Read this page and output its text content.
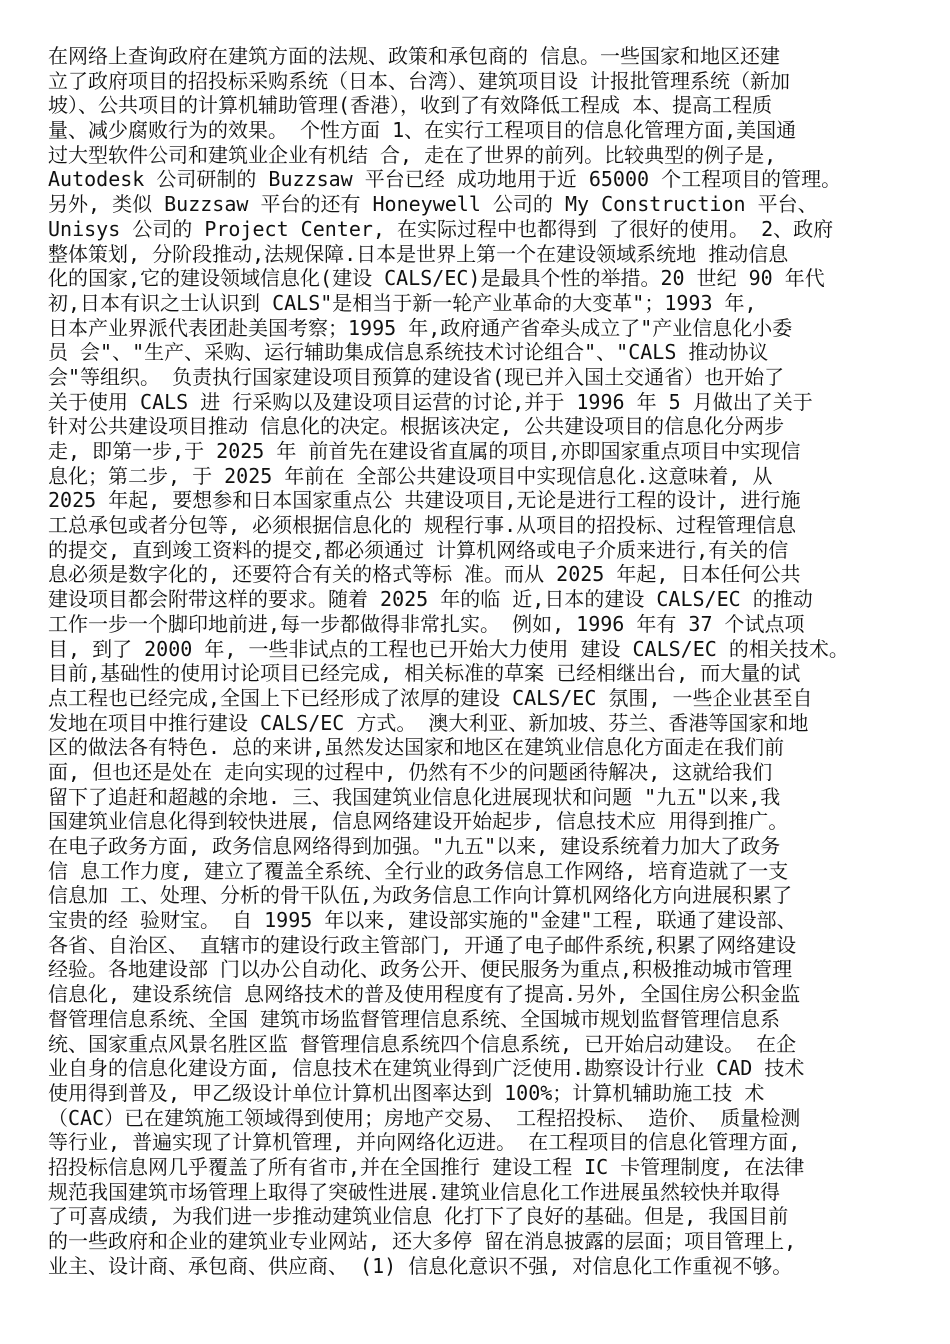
在网络上查询政府在建筑方面的法规、政策和承包商的 信息。一些国家和地区还建
立了政府项目的招投标采购系统（日本、台湾）、建筑项目设 计报批管理系统（新加
坡）、公共项目的计算机辅助管理(香港），收到了有效降低工程成 本、提高工程质
量、减少腐败行为的效果。 个性方面 1、在实行工程项目的信息化管理方面,美国通
过大型软件公司和建筑业企业有机结 合, 走在了世界的前列。比较典型的例子是,
Autodesk 公司研制的 Buzzsaw 平台已经 成功地用于近 65000 个工程项目的管理。
另外, 类似 Buzzsaw 平台的还有 Honeywell 公司的 My Construction 平台、
Unisys 公司的 Project Center, 在实际过程中也都得到 了很好的使用。 2、政府
整体策划, 分阶段推动,法规保障.日本是世界上第一个在建设领域系统地 推动信息
化的国家,它的建设领域信息化(建设 CALS/EC)是最具个性的举措。20 世纪 90 年代
初,日本有识之士认识到 CALS"是相当于新一轮产业革命的大变革"；1993 年,
日本产业界派代表团赴美国考察；1995 年,政府通产省牵头成立了"产业信息化小委
员 会"、"生产、采购、运行辅助集成信息系统技术讨论组合"、"CALS 推动协议
会"等组织。 负责执行国家建设项目预算的建设省(现已并入国土交通省）也开始了
关于使用 CALS 进 行采购以及建设项目运营的讨论,并于 1996 年 5 月做出了关于
针对公共建设项目推动 信息化的决定。根据该决定, 公共建设项目的信息化分两步
走, 即第一步,于 2025 年 前首先在建设省直属的项目,亦即国家重点项目中实现信
息化；第二步, 于 2025 年前在 全部公共建设项目中实现信息化.这意味着, 从
2025 年起, 要想参和日本国家重点公 共建设项目,无论是进行工程的设计, 进行施
工总承包或者分包等, 必须根据信息化的 规程行事.从项目的招投标、过程管理信息
的提交, 直到竣工资料的提交,都必须通过 计算机网络或电子介质来进行,有关的信
息必须是数字化的, 还要符合有关的格式等标 准。而从 2025 年起, 日本任何公共
建设项目都会附带这样的要求。随着 2025 年的临 近,日本的建设 CALS/EC 的推动
工作一步一个脚印地前进,每一步都做得非常扎实。 例如, 1996 年有 37 个试点项
目, 到了 2000 年, 一些非试点的工程也已开始大力使用 建设 CALS/EC 的相关技术。
目前,基础性的使用讨论项目已经完成, 相关标准的草案 已经相继出台, 而大量的试
点工程也已经完成,全国上下已经形成了浓厚的建设 CALS/EC 氛围, 一些企业甚至自
发地在项目中推行建设 CALS/EC 方式。 澳大利亚、新加坡、芬兰、香港等国家和地
区的做法各有特色. 总的来讲,虽然发达国家和地区在建筑业信息化方面走在我们前
面, 但也还是处在 走向实现的过程中, 仍然有不少的问题函待解决, 这就给我们
留下了追赶和超越的余地. 三、我国建筑业信息化进展现状和问题 "九五"以来,我
国建筑业信息化得到较快进展, 信息网络建设开始起步, 信息技术应 用得到推广。
在电子政务方面, 政务信息网络得到加强。"九五"以来, 建设系统着力加大了政务
信 息工作力度, 建立了覆盖全系统、全行业的政务信息工作网络, 培育造就了一支
信息加 工、处理、分析的骨干队伍,为政务信息工作向计算机网络化方向进展积累了
宝贵的经 验财宝。 自 1995 年以来, 建设部实施的"金建"工程, 联通了建设部、
各省、自治区、 直辖市的建设行政主管部门, 开通了电子邮件系统,积累了网络建设
经验。各地建设部 门以办公自动化、政务公开、便民服务为重点,积极推动城市管理
信息化, 建设系统信 息网络技术的普及使用程度有了提高.另外, 全国住房公积金监
督管理信息系统、全国 建筑市场监督管理信息系统、全国城市规划监督管理信息系
统、国家重点风景名胜区监 督管理信息系统四个信息系统, 已开始启动建设。 在企
业自身的信息化建设方面, 信息技术在建筑业得到广泛使用.勘察设计行业 CAD 技术
使用得到普及, 甲乙级设计单位计算机出图率达到 100%；计算机辅助施工技 术
（CAC）已在建筑施工领域得到使用；房地产交易、 工程招投标、 造价、 质量检测
等行业, 普遍实现了计算机管理, 并向网络化迈进。 在工程项目的信息化管理方面,
招投标信息网几乎覆盖了所有省市,并在全国推行 建设工程 IC 卡管理制度, 在法律
规范我国建筑市场管理上取得了突破性进展.建筑业信息化工作进展虽然较快并取得
了可喜成绩, 为我们进一步推动建筑业信息 化打下了良好的基础。但是, 我国目前
的一些政府和企业的建筑业专业网站, 还大多停 留在消息披露的层面；项目管理上,
业主、设计商、承包商、供应商、 (1) 信息化意识不强, 对信息化工作重视不够。
